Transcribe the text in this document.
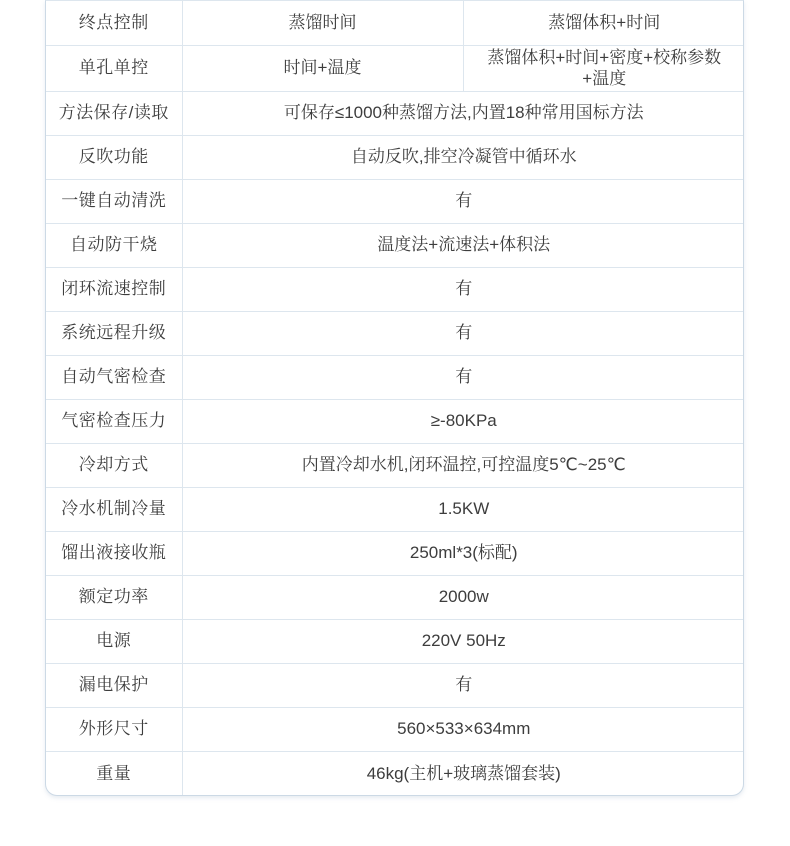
终点控制	蒸馏时间	蒸馏体积+时间
单孔单控	时间+温度	蒸馏体积+时间+密度+校称参数
+温度

方法保存/读取	可保存≤1000种蒸馏方法,内置18种常用国标方法	
反吹功能	自动反吹,排空冷凝管中循环水	
一键自动清洗	有	
自动防干烧	温度法+流速法+体积法	
闭环流速控制	有	
系统远程升级	有	
自动气密检查	有	
气密检查压力	≥-80KPa	
冷却方式	内置冷却水机,闭环温控,可控温度5℃~25℃	
冷水机制冷量	1.5KW	
馏出液接收瓶	250ml*3(标配)	
额定功率	2000w	
电源	220V 50Hz	
漏电保护	有	
外形尺寸	560×533×634mm	
重量	46kg(主机+玻璃蒸馏套装)	
